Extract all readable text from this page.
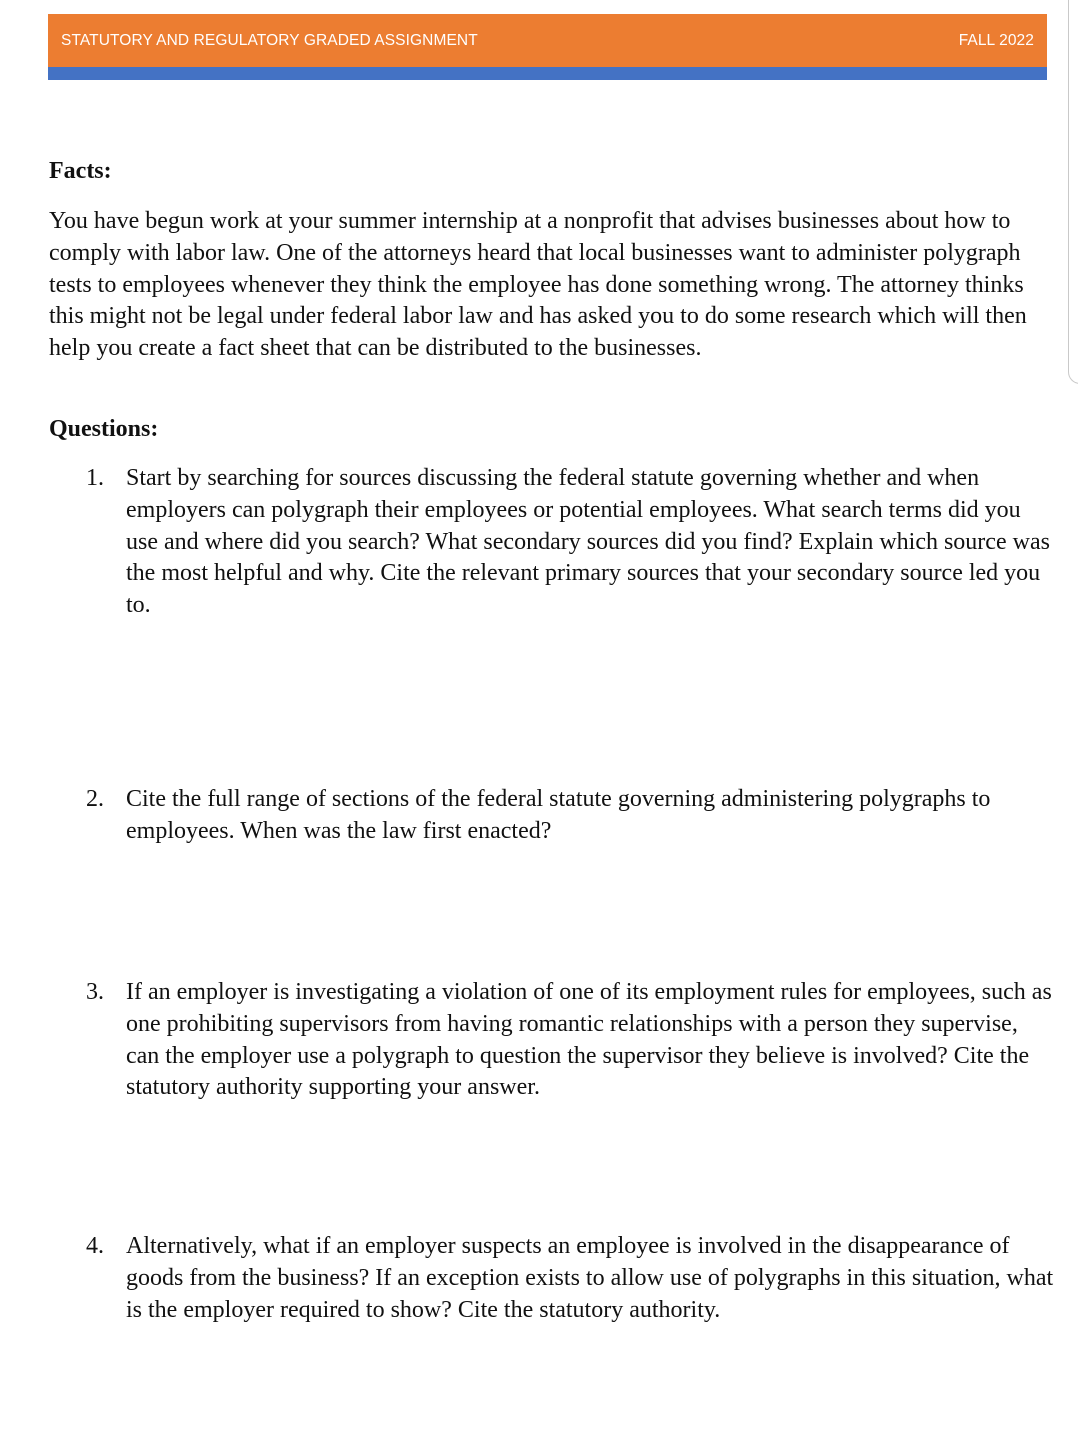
STATUTORY AND REGULATORY GRADED ASSIGNMENT	FALL 2022
Facts:

You have begun work at your summer internship at a nonprofit that advises businesses about how to comply with labor law. One of the attorneys heard that local businesses want to administer polygraph tests to employees whenever they think the employee has done something wrong. The attorney thinks this might not be legal under federal labor law and has asked you to do some research which will then help you create a fact sheet that can be distributed to the businesses.

Questions:
1. Start by searching for sources discussing the federal statute governing whether and when employers can polygraph their employees or potential employees. What search terms did you use and where did you search? What secondary sources did you find? Explain which source was the most helpful and why. Cite the relevant primary sources that your secondary source led you to.
2. Cite the full range of sections of the federal statute governing administering polygraphs to employees. When was the law first enacted?
3. If an employer is investigating a violation of one of its employment rules for employees, such as one prohibiting supervisors from having romantic relationships with a person they supervise, can the employer use a polygraph to question the supervisor they believe is involved? Cite the statutory authority supporting your answer.
4. Alternatively, what if an employer suspects an employee is involved in the disappearance of goods from the business? If an exception exists to allow use of polygraphs in this situation, what is the employer required to show? Cite the statutory authority.
